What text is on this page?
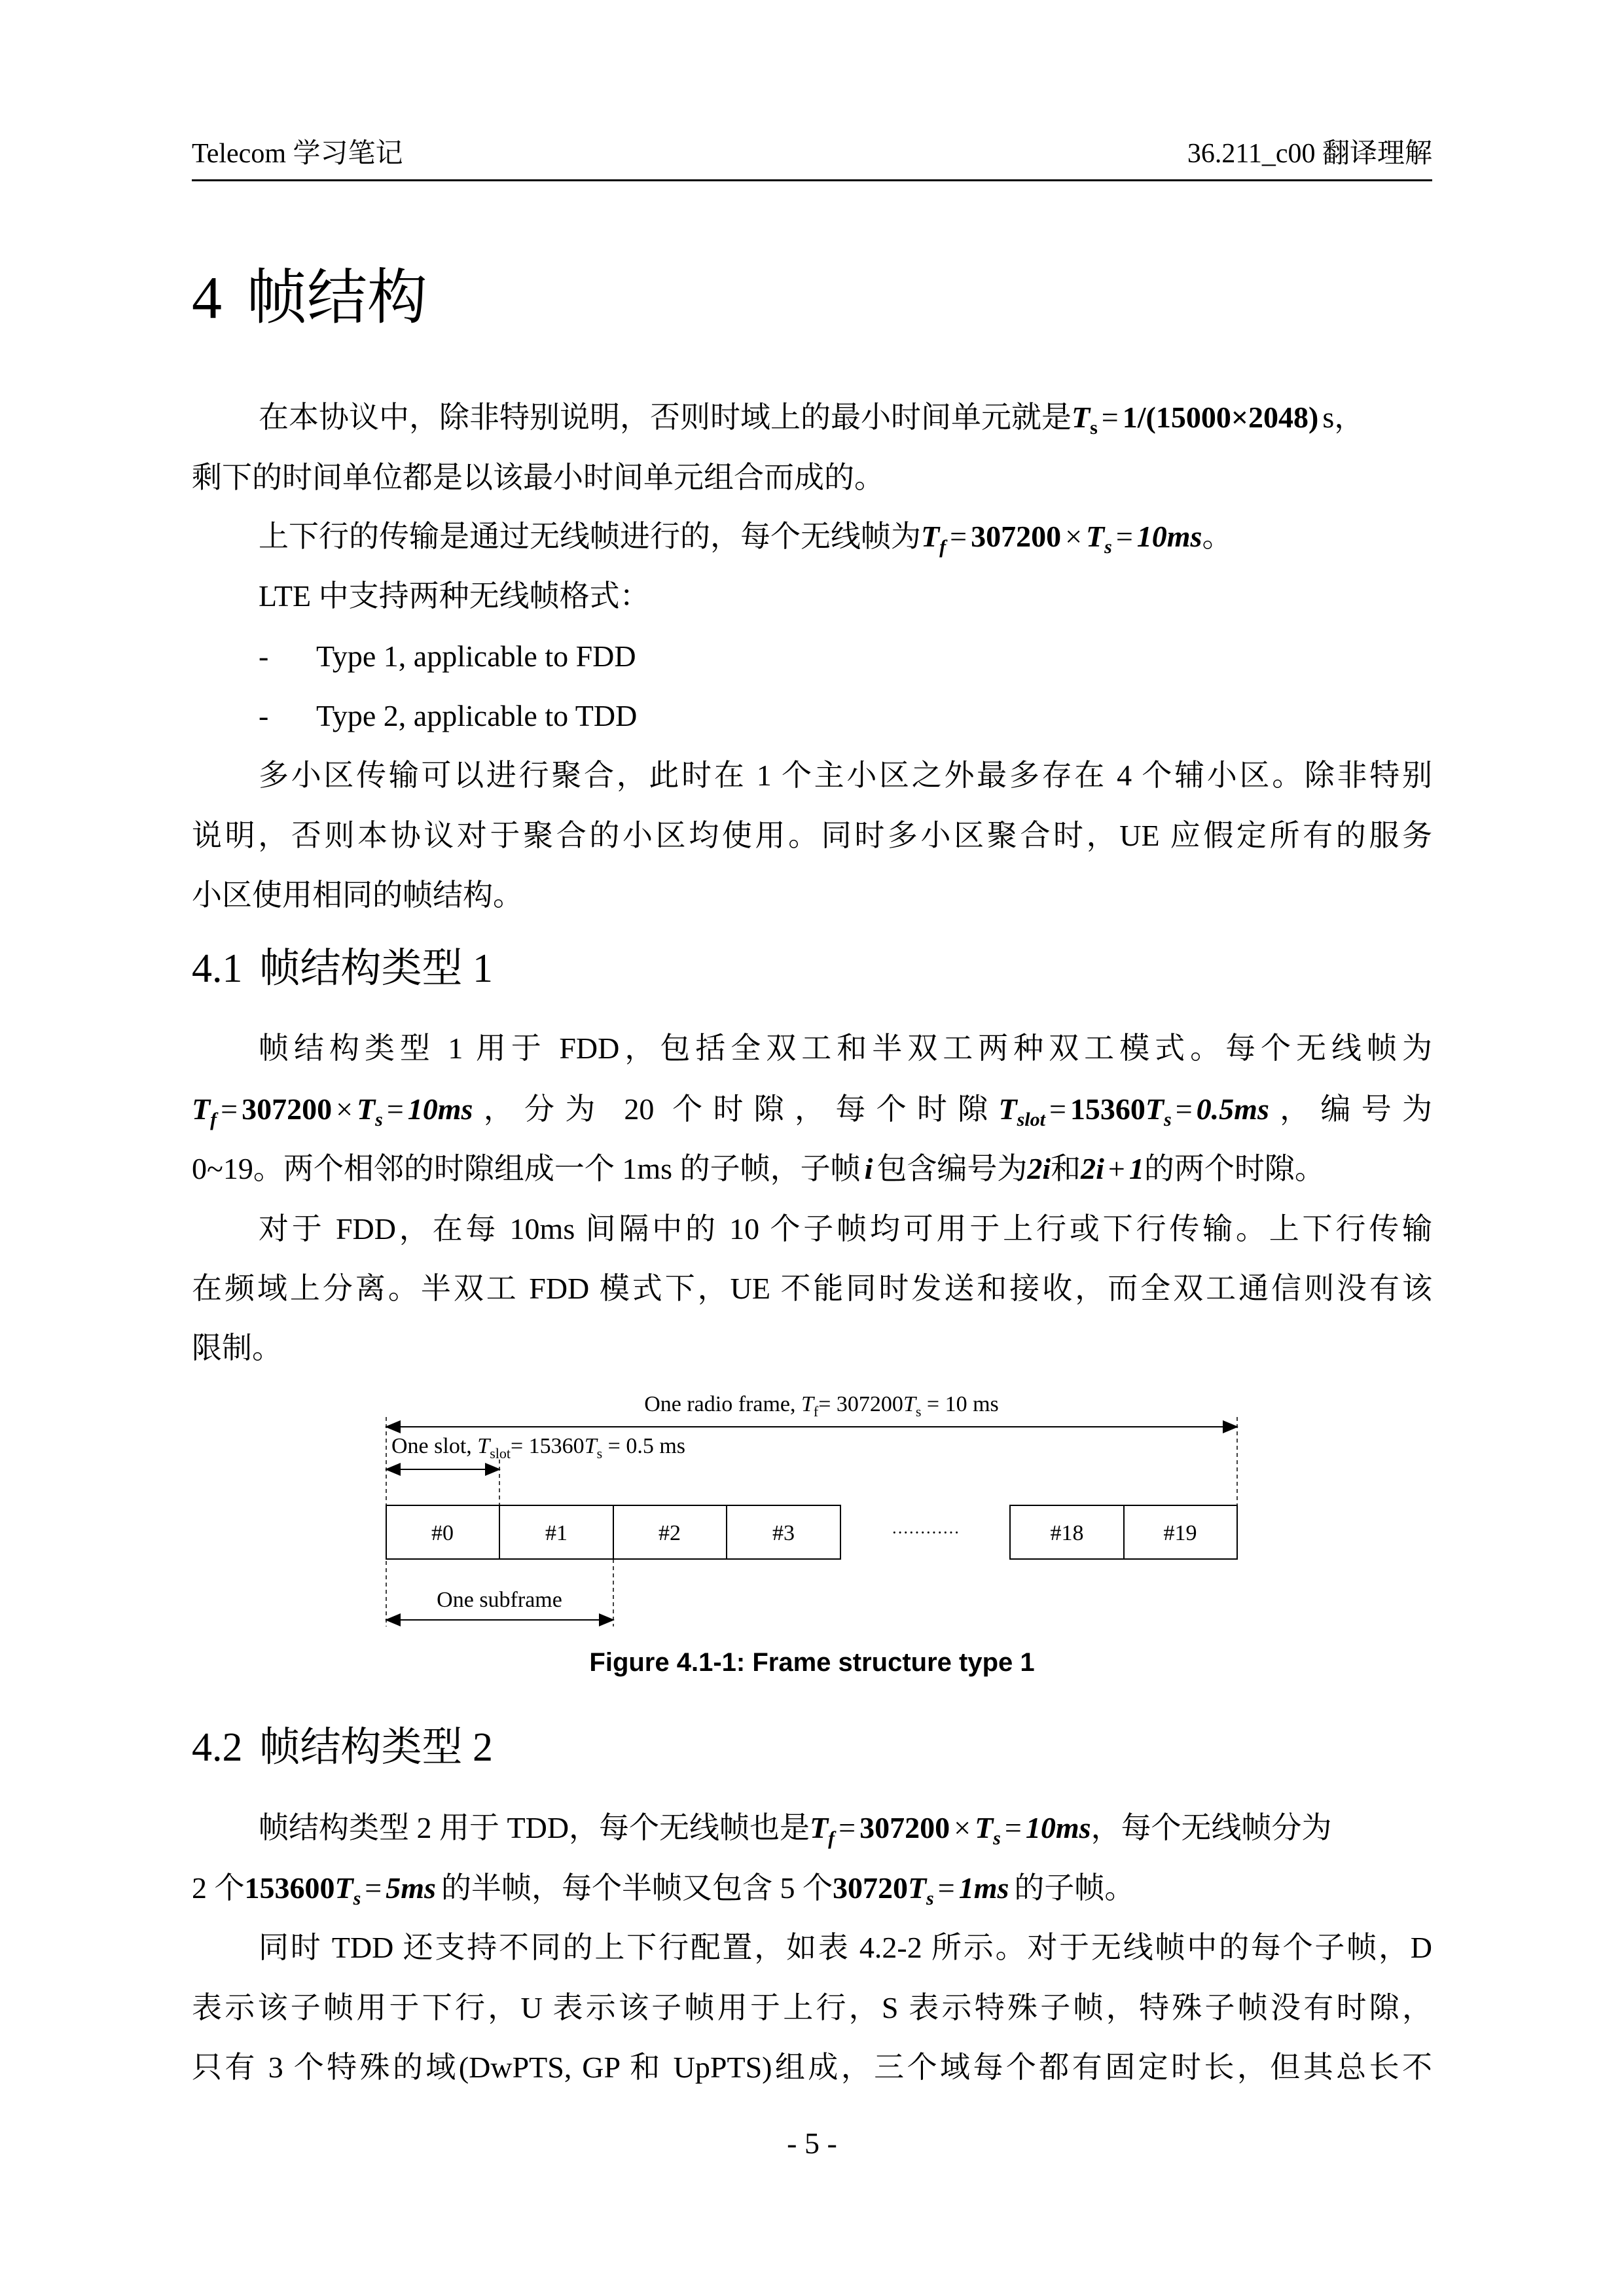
Telecom 学习笔记	36.211_c00 翻译理解
4 帧结构
在本协议中，除非特别说明，否则时域上的最小时间单元就是$T_s = 1/(15000\times 2048)$ s，
剩下的时间单位都是以该最小时间单元组合而成的。
上下行的传输是通过无线帧进行的，每个无线帧为$T_f = 307200 \times T_s = 10ms$。
LTE 中支持两种无线帧格式：
- Type 1, applicable to FDD
- Type 2, applicable to TDD
多小区传输可以进行聚合，此时在 1 个主小区之外最多存在 4 个辅小区。除非特别
说明，否则本协议对于聚合的小区均使用。同时多小区聚合时，UE 应假定所有的服务
小区使用相同的帧结构。
4.1 帧结构类型 1
帧结构类型 1 用于 FDD，包括全双工和半双工两种双工模式。每个无线帧为
$T_f = 307200 \times T_s = 10ms$，分为 20 个时隙，每个时隙$T_{slot} = 15360T_s = 0.5ms$，编号为
0~19。两个相邻的时隙组成一个 1ms 的子帧，子帧 i 包含编号为2i和2i + 1的两个时隙。
对于 FDD，在每 10ms 间隔中的 10 个子帧均可用于上行或下行传输。上下行传输
在频域上分离。半双工 FDD 模式下，UE 不能同时发送和接收，而全双工通信则没有该
限制。
One radio frame, $T_f= 307200T_s = 10$ ms
One slot, $T_{slot}= 15360T_s = 0.5$ ms
#0	#1	#2	#3	············	#18	#19
One subframe
Figure 4.1-1: Frame structure type 1
4.2 帧结构类型 2
帧结构类型 2 用于 TDD，每个无线帧也是$T_f = 307200 \times T_s = 10ms$，每个无线帧分为
2 个$153600T_s = 5ms$ 的半帧，每个半帧又包含 5 个$30720T_s = 1ms$ 的子帧。
同时 TDD 还支持不同的上下行配置，如表 4.2-2 所示。对于无线帧中的每个子帧，D
表示该子帧用于下行，U 表示该子帧用于上行，S 表示特殊子帧，特殊子帧没有时隙，
只有 3 个特殊的域(DwPTS, GP 和 UpPTS)组成，三个域每个都有固定时长，但其总长不
- 5 -
